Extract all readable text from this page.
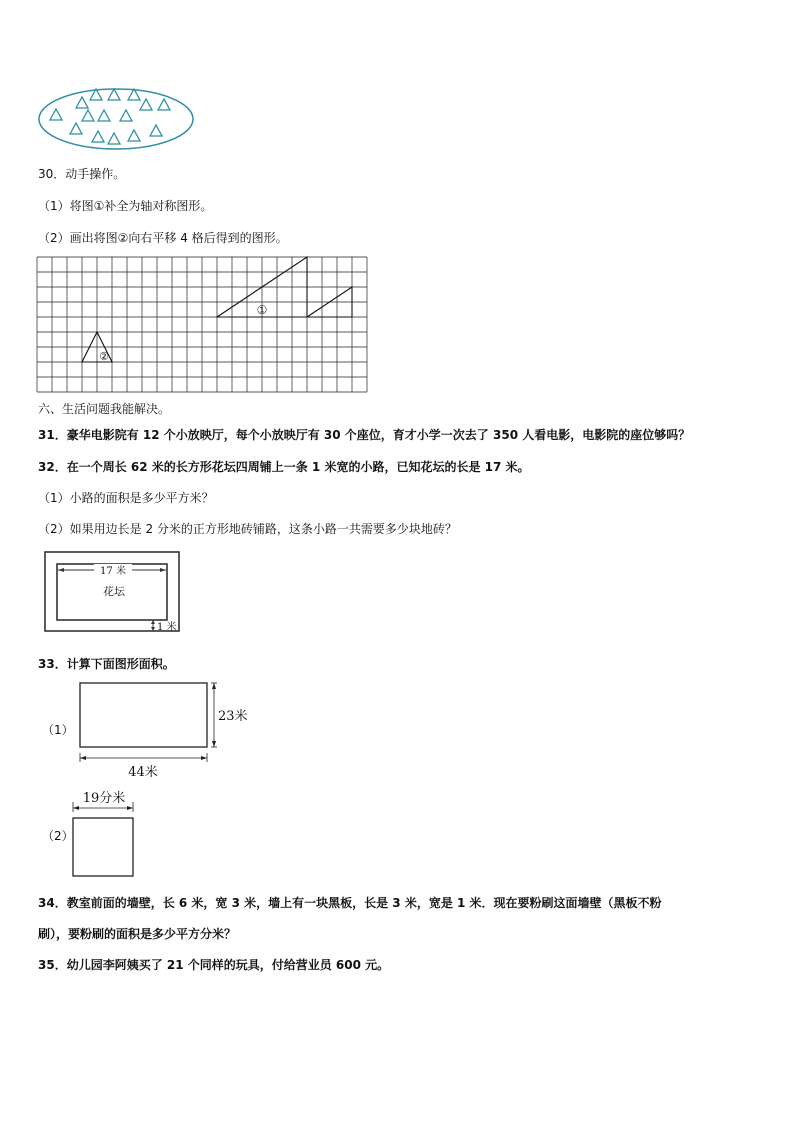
30．动手操作。
（1）将图①补全为轴对称图形。
（2）画出将图②向右平移 4 格后得到的图形。
①
②
六、生活问题我能解决。
31．豪华电影院有 12 个小放映厅，每个小放映厅有 30 个座位，育才小学一次去了 350 人看电影，电影院的座位够吗？
32．在一个周长 62 米的长方形花坛四周铺上一条 1 米宽的小路，已知花坛的长是 17 米。
（1）小路的面积是多少平方米？
（2）如果用边长是 2 分米的正方形地砖铺路，这条小路一共需要多少块地砖？
17 米
花坛
1 米
33．计算下面图形面积。
（1）
23米
44米
（2）
19分米
34．教室前面的墙壁，长 6 米，宽 3 米，墙上有一块黑板，长是 3 米，宽是 1 米．现在要粉刷这面墙壁（黑板不粉
刷），要粉刷的面积是多少平方分米？
35．幼儿园李阿姨买了 21 个同样的玩具，付给营业员 600 元。
